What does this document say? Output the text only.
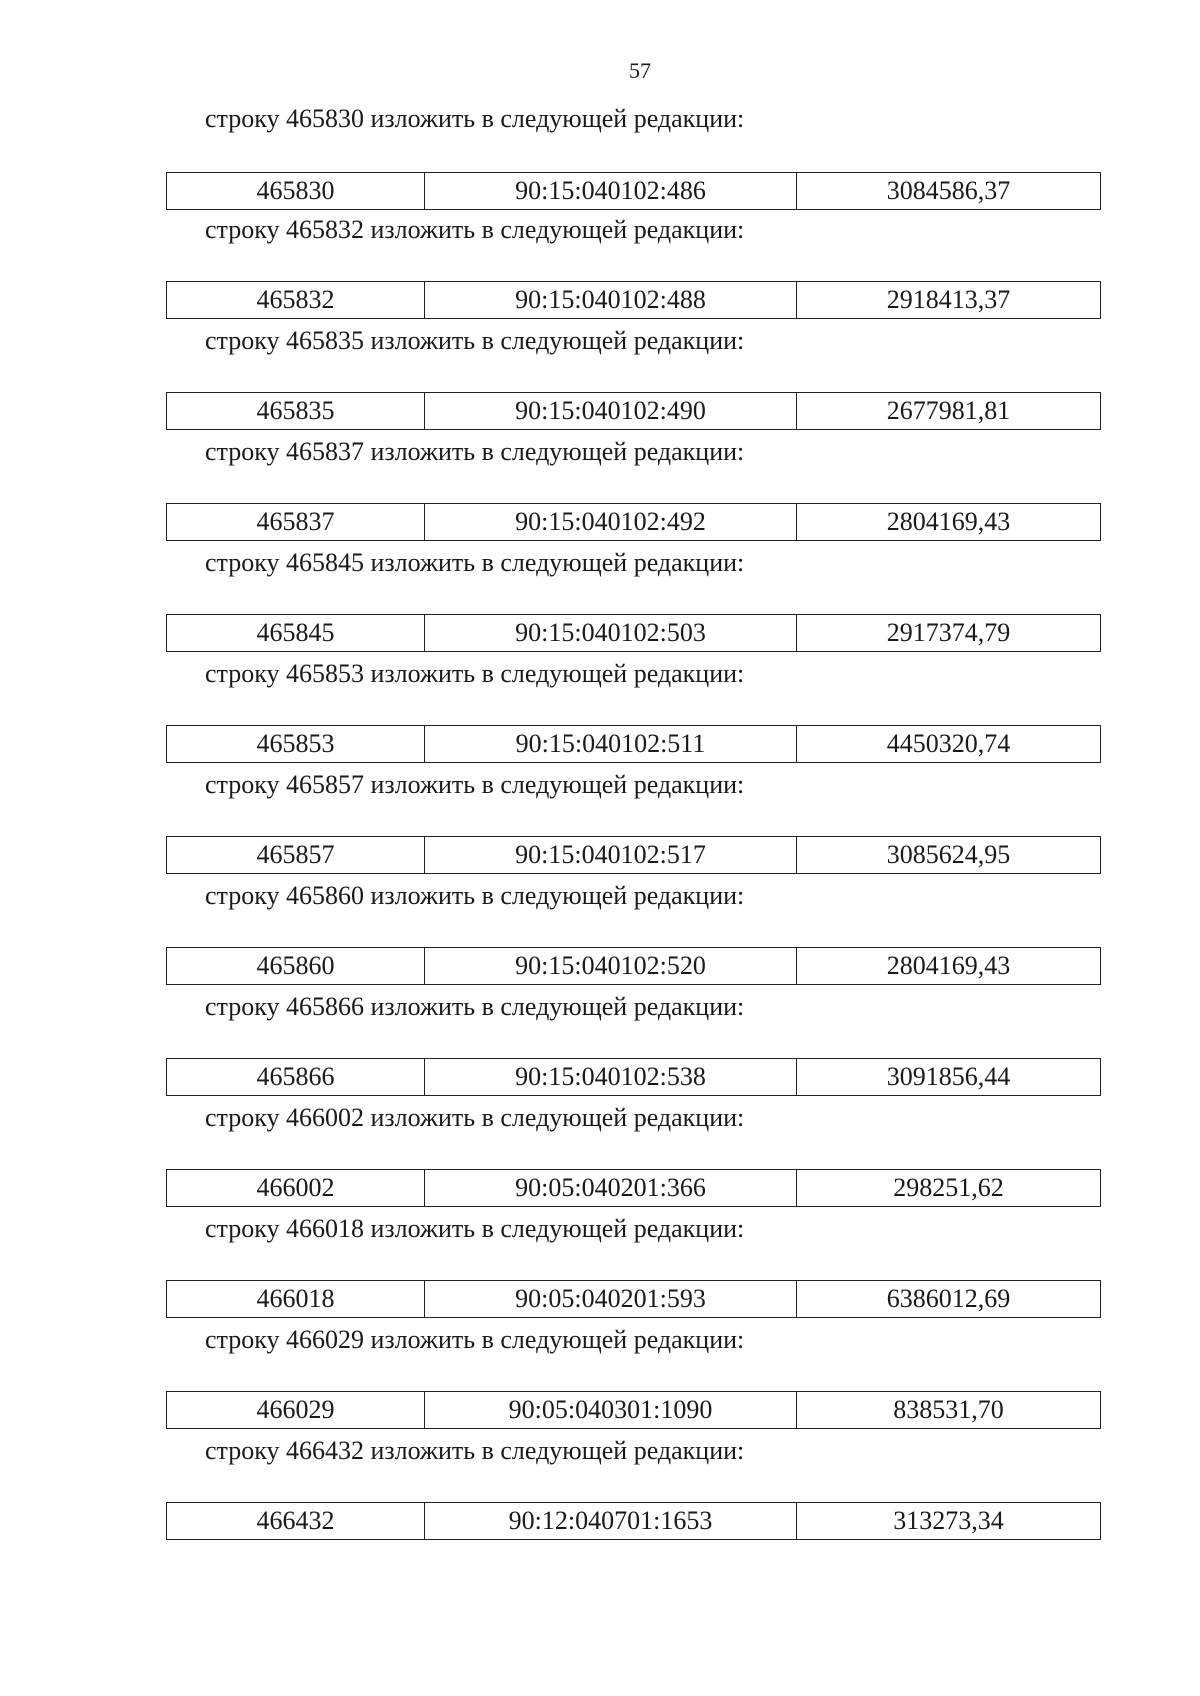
57
строку 465830 изложить в следующей редакции:
465830	90:15:040102:486	3084586,37
строку 465832 изложить в следующей редакции:
465832	90:15:040102:488	2918413,37
строку 465835 изложить в следующей редакции:
465835	90:15:040102:490	2677981,81
строку 465837 изложить в следующей редакции:
465837	90:15:040102:492	2804169,43
строку 465845 изложить в следующей редакции:
465845	90:15:040102:503	2917374,79
строку 465853 изложить в следующей редакции:
465853	90:15:040102:511	4450320,74
строку 465857 изложить в следующей редакции:
465857	90:15:040102:517	3085624,95
строку 465860 изложить в следующей редакции:
465860	90:15:040102:520	2804169,43
строку 465866 изложить в следующей редакции:
465866	90:15:040102:538	3091856,44
строку 466002 изложить в следующей редакции:
466002	90:05:040201:366	298251,62
строку 466018 изложить в следующей редакции:
466018	90:05:040201:593	6386012,69
строку 466029 изложить в следующей редакции:
466029	90:05:040301:1090	838531,70
строку 466432 изложить в следующей редакции:
466432	90:12:040701:1653	313273,34
